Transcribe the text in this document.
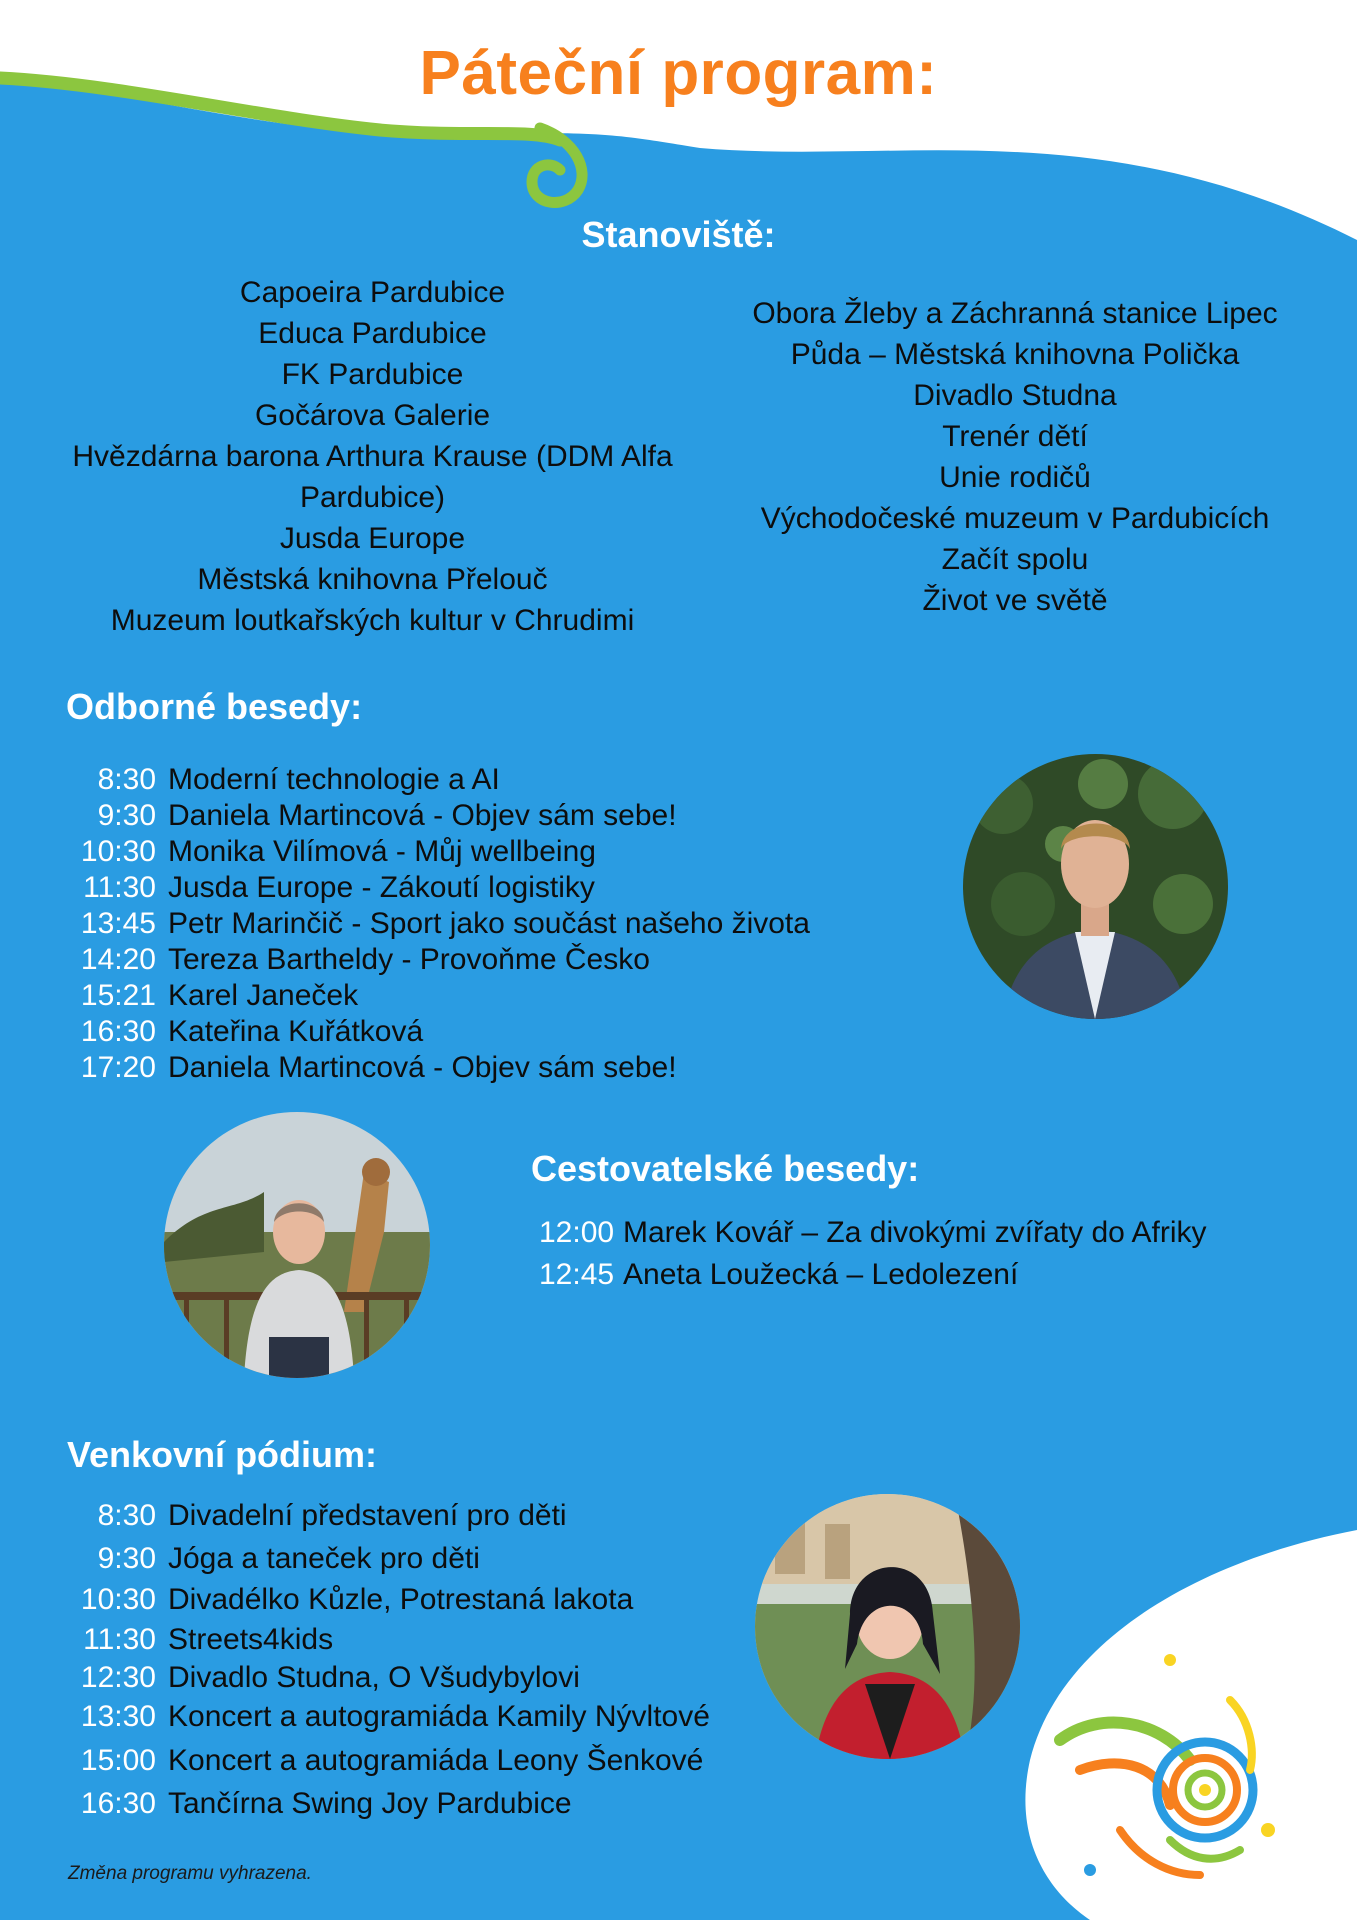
Páteční program:
Stanoviště:
Capoeira Pardubice
Educa Pardubice
FK Pardubice
Gočárova Galerie
Hvězdárna barona Arthura Krause (DDM Alfa Pardubice)
Jusda Europe
Městská knihovna Přelouč
Muzeum loutkařských kultur v Chrudimi
Obora Žleby a Záchranná stanice Lipec
Půda – Městská knihovna Polička
Divadlo Studna
Trenér dětí
Unie rodičů
Východočeské muzeum v Pardubicích
Začít spolu
Život ve světě
Odborné besedy:
8:30 Moderní technologie a AI
9:30 Daniela Martincová - Objev sám sebe!
10:30 Monika Vilímová - Můj wellbeing
11:30 Jusda Europe - Zákoutí logistiky
13:45 Petr Marinčič - Sport jako součást našeho života
14:20 Tereza Bartheldy - Provoňme Česko
15:21 Karel Janeček
16:30 Kateřina Kuřátková
17:20 Daniela Martincová - Objev sám sebe!
Cestovatelské besedy:
12:00 Marek Kovář – Za divokými zvířaty do Afriky
12:45 Aneta Loužecká – Ledolezení
Venkovní pódium:
8:30 Divadelní představení pro děti
9:30 Jóga a taneček pro děti
10:30 Divadélko Kůzle, Potrestaná lakota
11:30 Streets4kids
12:30 Divadlo Studna, O Všudybylovi
13:30 Koncert a autogramiáda Kamily Nývltové
15:00 Koncert a autogramiáda Leony Šenkové
16:30 Tančírna Swing Joy Pardubice
Změna programu vyhrazena.
